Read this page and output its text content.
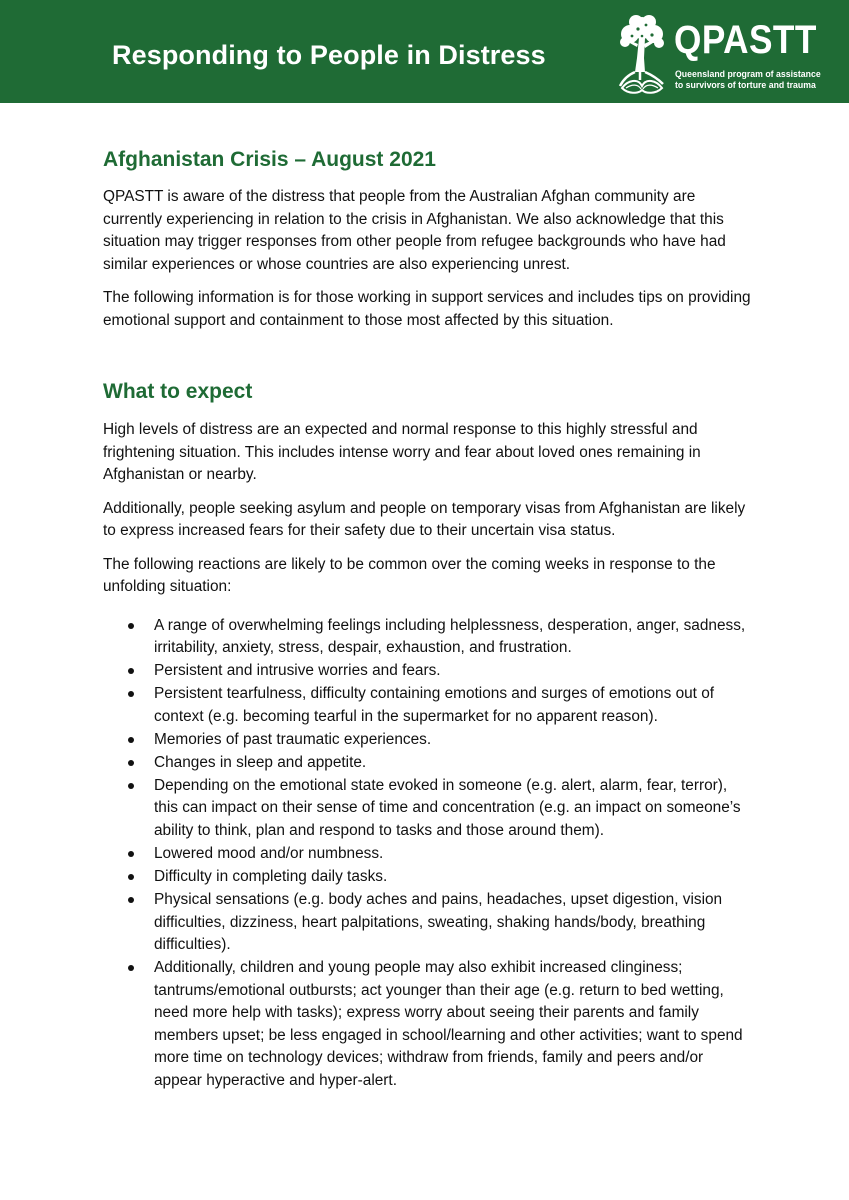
Responding to People in Distress	QPASTT

Queensland program of assistance

to survivors of torture and trauma

Afghanistan Crisis – August 2021

QPASTT is aware of the distress that people from the Australian Afghan community are currently experiencing in relation to the crisis in Afghanistan. We also acknowledge that this situation may trigger responses from other people from refugee backgrounds who have had similar experiences or whose countries are also experiencing unrest.

The following information is for those working in support services and includes tips on providing emotional support and containment to those most affected by this situation.

What to expect

High levels of distress are an expected and normal response to this highly stressful and frightening situation. This includes intense worry and fear about loved ones remaining in Afghanistan or nearby.

Additionally, people seeking asylum and people on temporary visas from Afghanistan are likely to express increased fears for their safety due to their uncertain visa status.

The following reactions are likely to be common over the coming weeks in response to the unfolding situation:

A range of overwhelming feelings including helplessness, desperation, anger, sadness, irritability, anxiety, stress, despair, exhaustion, and frustration.
Persistent and intrusive worries and fears.
Persistent tearfulness, difficulty containing emotions and surges of emotions out of context (e.g. becoming tearful in the supermarket for no apparent reason).
Memories of past traumatic experiences.
Changes in sleep and appetite.
Depending on the emotional state evoked in someone (e.g. alert, alarm, fear, terror), this can impact on their sense of time and concentration (e.g. an impact on someone’s ability to think, plan and respond to tasks and those around them).
Lowered mood and/or numbness.
Difficulty in completing daily tasks.
Physical sensations (e.g. body aches and pains, headaches, upset digestion, vision difficulties, dizziness, heart palpitations, sweating, shaking hands/body, breathing difficulties).
Additionally, children and young people may also exhibit increased clinginess; tantrums/emotional outbursts; act younger than their age (e.g. return to bed wetting, need more help with tasks); express worry about seeing their parents and family members upset; be less engaged in school/learning and other activities; want to spend more time on technology devices; withdraw from friends, family and peers and/or appear hyperactive and hyper-alert.
